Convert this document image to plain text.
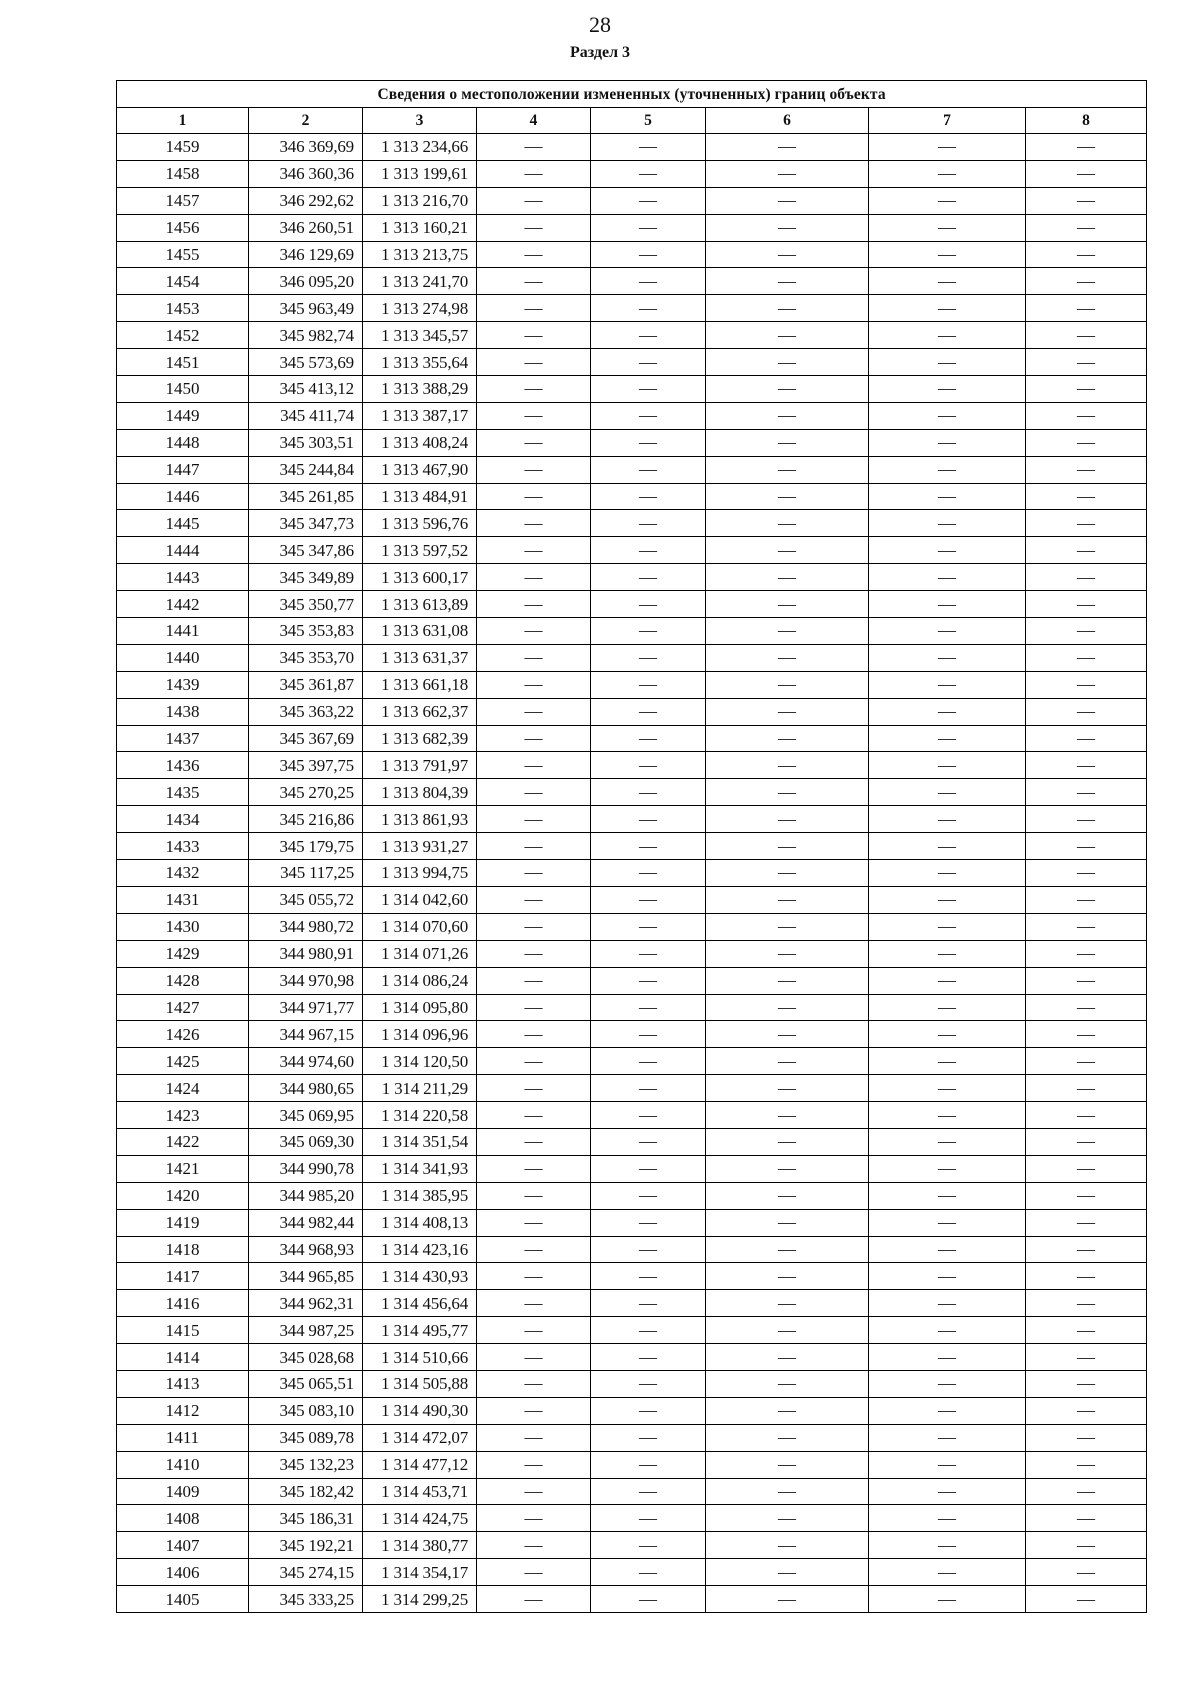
28
Раздел 3
Сведения о местоположении измененных (уточненных) границ объекта							
1	2	3	4	5	6	7	8
1459	346 369,69	1 313 234,66	—	—	—	—	—
1458	346 360,36	1 313 199,61	—	—	—	—	—
1457	346 292,62	1 313 216,70	—	—	—	—	—
1456	346 260,51	1 313 160,21	—	—	—	—	—
1455	346 129,69	1 313 213,75	—	—	—	—	—
1454	346 095,20	1 313 241,70	—	—	—	—	—
1453	345 963,49	1 313 274,98	—	—	—	—	—
1452	345 982,74	1 313 345,57	—	—	—	—	—
1451	345 573,69	1 313 355,64	—	—	—	—	—
1450	345 413,12	1 313 388,29	—	—	—	—	—
1449	345 411,74	1 313 387,17	—	—	—	—	—
1448	345 303,51	1 313 408,24	—	—	—	—	—
1447	345 244,84	1 313 467,90	—	—	—	—	—
1446	345 261,85	1 313 484,91	—	—	—	—	—
1445	345 347,73	1 313 596,76	—	—	—	—	—
1444	345 347,86	1 313 597,52	—	—	—	—	—
1443	345 349,89	1 313 600,17	—	—	—	—	—
1442	345 350,77	1 313 613,89	—	—	—	—	—
1441	345 353,83	1 313 631,08	—	—	—	—	—
1440	345 353,70	1 313 631,37	—	—	—	—	—
1439	345 361,87	1 313 661,18	—	—	—	—	—
1438	345 363,22	1 313 662,37	—	—	—	—	—
1437	345 367,69	1 313 682,39	—	—	—	—	—
1436	345 397,75	1 313 791,97	—	—	—	—	—
1435	345 270,25	1 313 804,39	—	—	—	—	—
1434	345 216,86	1 313 861,93	—	—	—	—	—
1433	345 179,75	1 313 931,27	—	—	—	—	—
1432	345 117,25	1 313 994,75	—	—	—	—	—
1431	345 055,72	1 314 042,60	—	—	—	—	—
1430	344 980,72	1 314 070,60	—	—	—	—	—
1429	344 980,91	1 314 071,26	—	—	—	—	—
1428	344 970,98	1 314 086,24	—	—	—	—	—
1427	344 971,77	1 314 095,80	—	—	—	—	—
1426	344 967,15	1 314 096,96	—	—	—	—	—
1425	344 974,60	1 314 120,50	—	—	—	—	—
1424	344 980,65	1 314 211,29	—	—	—	—	—
1423	345 069,95	1 314 220,58	—	—	—	—	—
1422	345 069,30	1 314 351,54	—	—	—	—	—
1421	344 990,78	1 314 341,93	—	—	—	—	—
1420	344 985,20	1 314 385,95	—	—	—	—	—
1419	344 982,44	1 314 408,13	—	—	—	—	—
1418	344 968,93	1 314 423,16	—	—	—	—	—
1417	344 965,85	1 314 430,93	—	—	—	—	—
1416	344 962,31	1 314 456,64	—	—	—	—	—
1415	344 987,25	1 314 495,77	—	—	—	—	—
1414	345 028,68	1 314 510,66	—	—	—	—	—
1413	345 065,51	1 314 505,88	—	—	—	—	—
1412	345 083,10	1 314 490,30	—	—	—	—	—
1411	345 089,78	1 314 472,07	—	—	—	—	—
1410	345 132,23	1 314 477,12	—	—	—	—	—
1409	345 182,42	1 314 453,71	—	—	—	—	—
1408	345 186,31	1 314 424,75	—	—	—	—	—
1407	345 192,21	1 314 380,77	—	—	—	—	—
1406	345 274,15	1 314 354,17	—	—	—	—	—
1405	345 333,25	1 314 299,25	—	—	—	—	—
